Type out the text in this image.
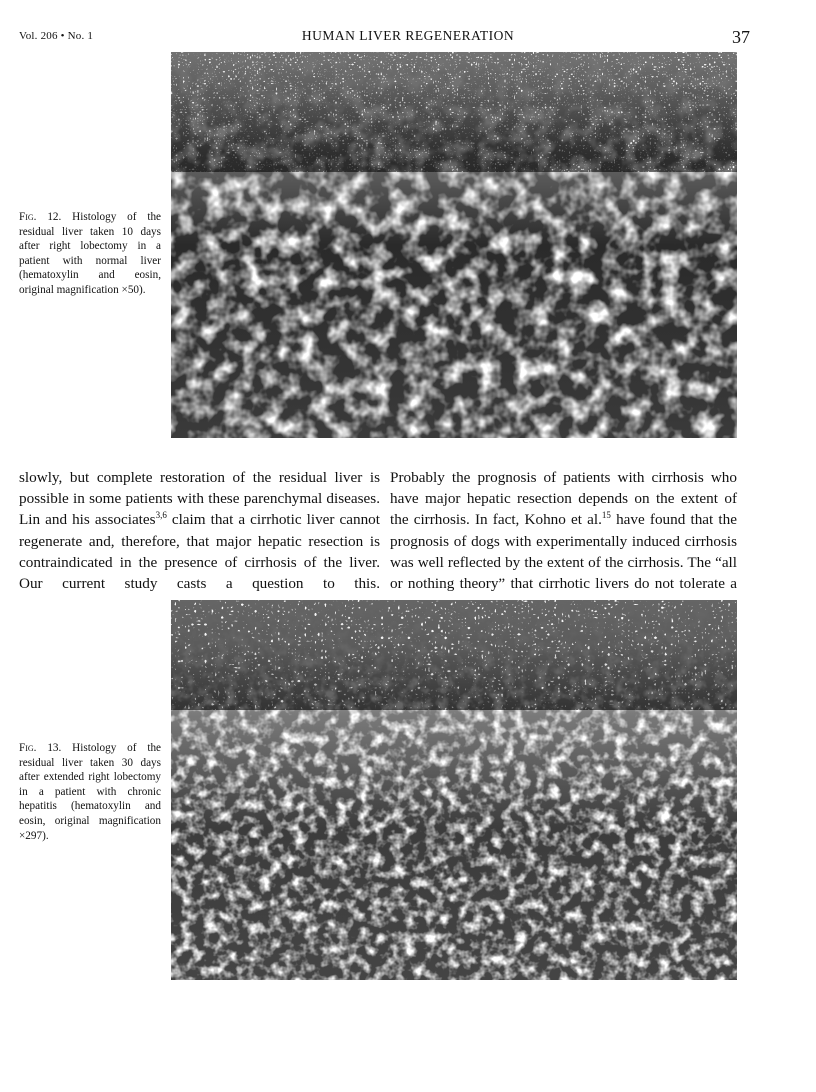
Vol. 206 • No. 1	HUMAN LIVER REGENERATION	37
Fig. 12. Histology of the residual liver taken 10 days after right lobectomy in a patient with normal liver (hematoxylin and eosin, original magnification ×50).
slowly, but complete restoration of the residual liver is possible in some patients with these parenchymal diseases. Lin and his associates$^{3,6}$ claim that a cirrhotic liver cannot regenerate and, therefore, that major hepatic resection is contraindicated in the presence of cirrhosis of the liver. Our current study casts a question to this.
Probably the prognosis of patients with cirrhosis who have major hepatic resection depends on the extent of the cirrhosis. In fact, Kohno et al.$^{15}$ have found that the prognosis of dogs with experimentally induced cirrhosis was well reflected by the extent of the cirrhosis. The “all or nothing theory” that cirrhotic livers do not tolerate a
Fig. 13. Histology of the residual liver taken 30 days after extended right lobectomy in a patient with chronic hepatitis (hematoxylin and eosin, original magnification ×297).
